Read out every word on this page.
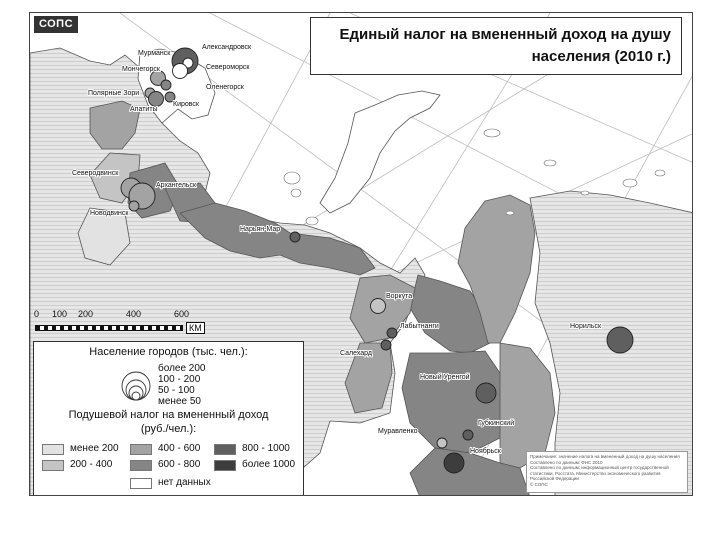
Мурманск
Александровск
Мончегорск	Североморск
Оленегорск
Полярные Зори
Кировск
Апатиты
Северодвинск
Архангельск
Новодвинск
Нарьян-Мар
Воркута
Лабытнанги
Салехард
Норильск
Новый Уренгой
Губкинский
Муравленко
Ноябрьск
Единый налог на вмененный доход на душу
населения (2010 г.)
СОПС
0 100 200	400	600
КМ
Население городов (тыс. чел.):
более 200
100 - 200
50 - 100
менее 50
Подушевой налог на вмененный доход
(руб./чел.):
менее 200
200 - 400
400 - 600
600 - 800
нет данных
800 - 1000
более 1000
Примечание: значение налога на вмененный доход на душу населения
Составлено по данным: ФНС 2010
Составлено по данным: информационный центр государственной
статистики, Росстата, Министерство экономического развития
Российской Федерации
© СОПС
